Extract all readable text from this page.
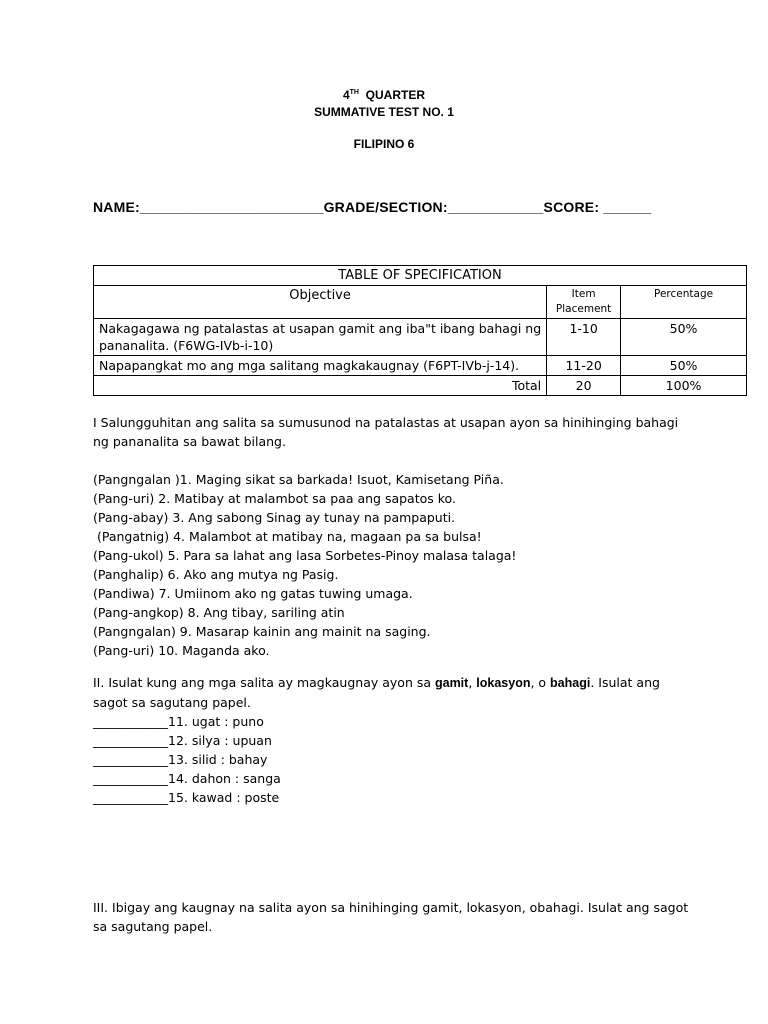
4TH QUARTER
SUMMATIVE TEST NO. 1
FILIPINO 6
NAME:_______________________GRADE/SECTION:____________SCORE: ______
TABLE OF SPECIFICATION		
Objective	Item Placement	Percentage
Nakagagawa ng patalastas at usapan gamit ang iba"t ibang bahagi ng pananalita. (F6WG-IVb-i-10)	1-10	50%
Napapangkat mo ang mga salitang magkakaugnay (F6PT-IVb-j-14).	11-20	50%
Total	20	100%

I Salungguhitan ang salita sa sumusunod na patalastas at usapan ayon sa hinihinging bahagi ng pananalita sa bawat bilang.

(Pangngalan )1. Maging sikat sa barkada! Isuot, Kamisetang Piña.
(Pang-uri) 2. Matibay at malambot sa paa ang sapatos ko.
(Pang-abay) 3. Ang sabong Sinag ay tunay na pampaputi.
(Pangatnig) 4. Malambot at matibay na, magaan pa sa bulsa!
(Pang-ukol) 5. Para sa lahat ang lasa Sorbetes-Pinoy malasa talaga!
(Panghalip) 6. Ako ang mutya ng Pasig.
(Pandiwa) 7. Umiinom ako ng gatas tuwing umaga.
(Pang-angkop) 8. Ang tibay, sariling atin
(Pangngalan) 9. Masarap kainin ang mainit na saging.
(Pang-uri) 10. Maganda ako.

II. Isulat kung ang mga salita ay magkaugnay ayon sa gamit, lokasyon, o bahagi. Isulat ang sagot sa sagutang papel.

____________11. ugat : puno
____________12. silya : upuan
____________13. silid : bahay
____________14. dahon : sanga
____________15. kawad : poste

III. Ibigay ang kaugnay na salita ayon sa hinihinging gamit, lokasyon, obahagi. Isulat ang sagot sa sagutang papel.
